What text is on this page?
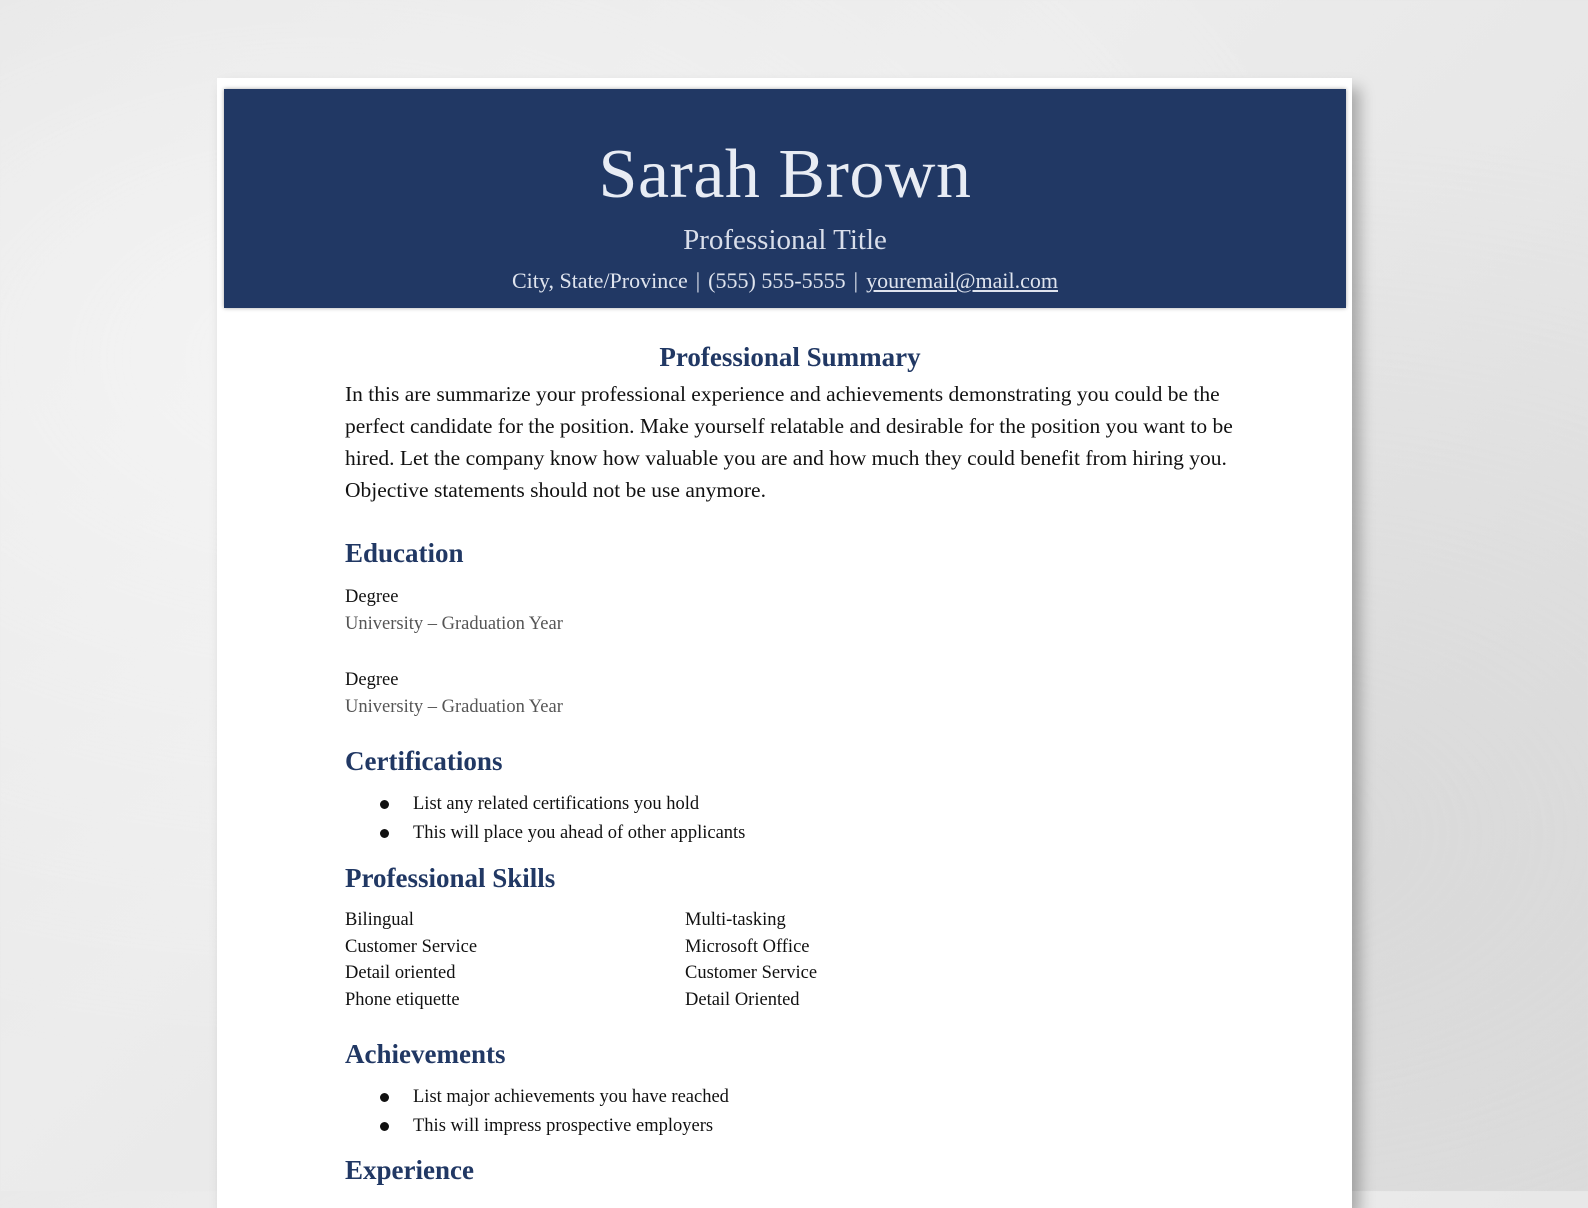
Sarah Brown
Professional Title
City, State/Province | (555) 555-5555 | youremail@mail.com
Professional Summary

In this are summarize your professional experience and achievements demonstrating you could be the perfect candidate for the position. Make yourself relatable and desirable for the position you want to be hired. Let the company know how valuable you are and how much they could benefit from hiring you. Objective statements should not be use anymore.

Education
Degree
University – Graduation Year
Degree
University – Graduation Year
Certifications
List any related certifications you hold
This will place you ahead of other applicants
Professional Skills
Bilingual	Multi-tasking
Customer Service	Microsoft Office
Detail oriented	Customer Service
Phone etiquette	Detail Oriented
Achievements
List major achievements you have reached
This will impress prospective employers
Experience
